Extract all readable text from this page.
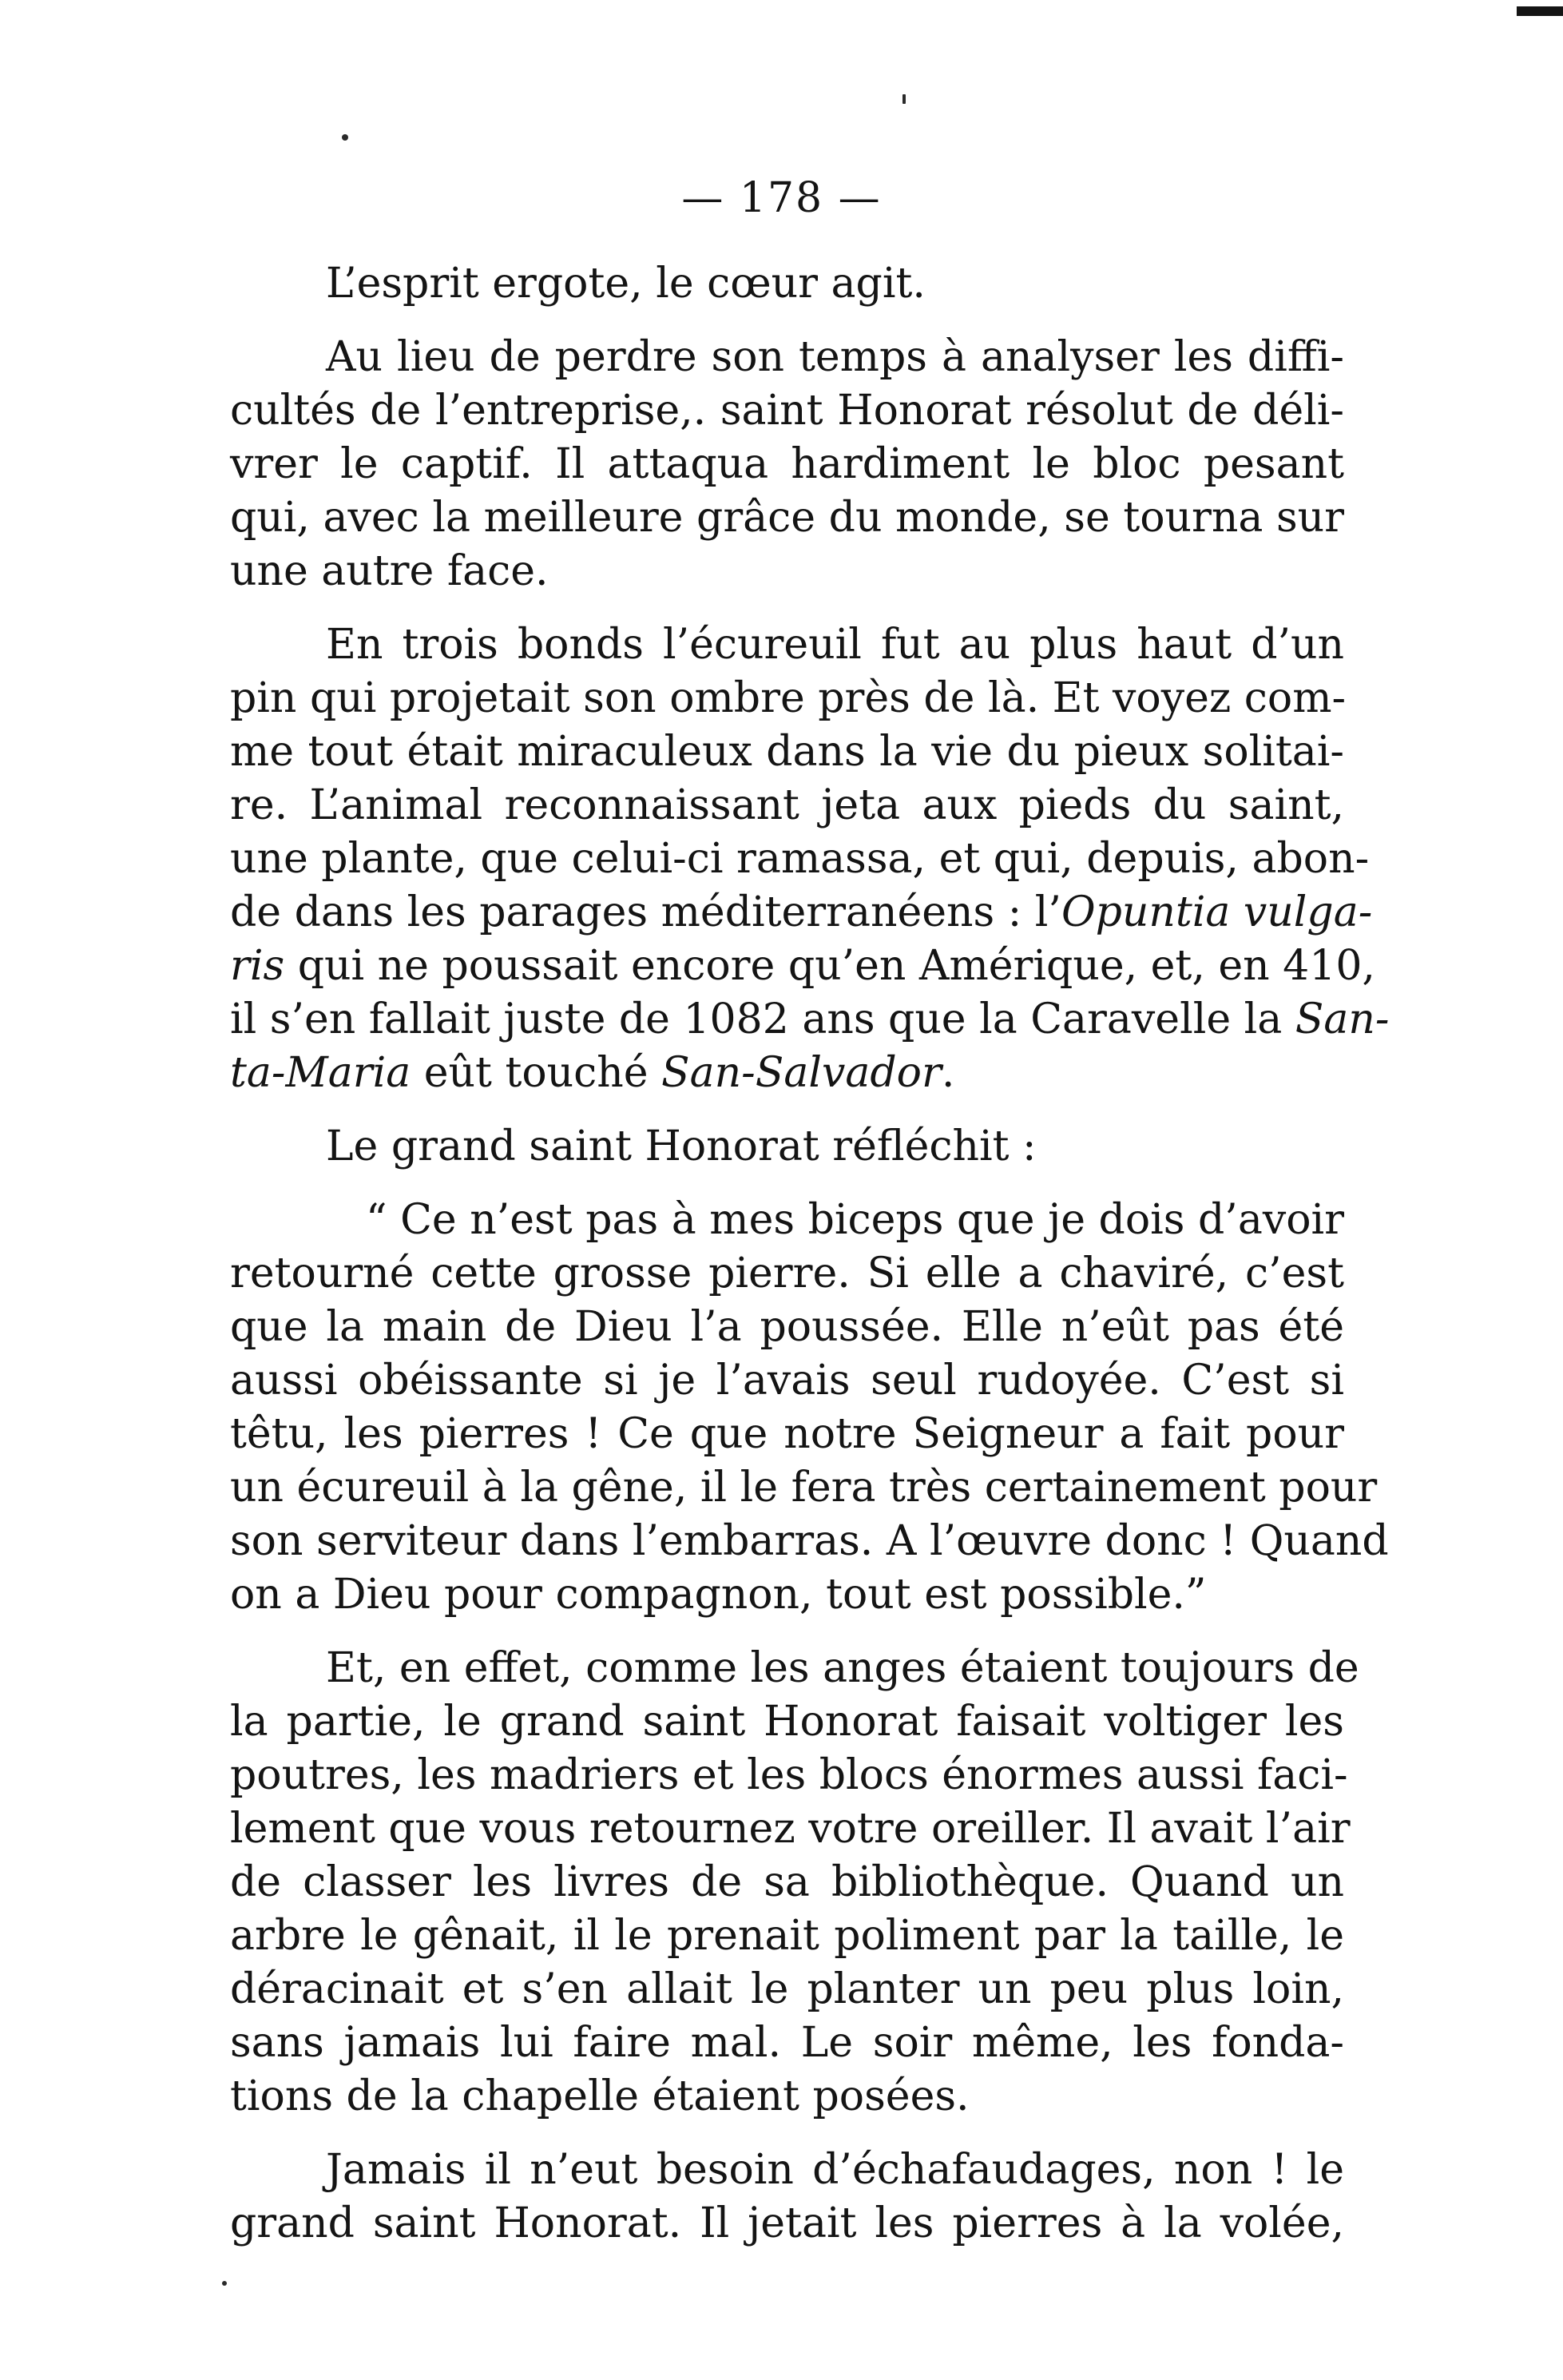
— 178 —
L’esprit ergote, le cœur agit.
Au lieu de perdre son temps à analyser les diffi-
cultés de l’entreprise,. saint Honorat résolut de déli-
vrer le captif. Il attaqua hardiment le bloc pesant
qui, avec la meilleure grâce du monde, se tourna sur
une autre face.
En trois bonds l’écureuil fut au plus haut d’un
pin qui projetait son ombre près de là. Et voyez com-
me tout était miraculeux dans la vie du pieux solitai-
re. L’animal reconnaissant jeta aux pieds du saint,
une plante, que celui-ci ramassa, et qui, depuis, abon-
de dans les parages méditerranéens : l’Opuntia vulga-
ris qui ne poussait encore qu’en Amérique, et, en 410,
il s’en fallait juste de 1082 ans que la Caravelle la San-
ta-Maria eût touché San-Salvador.
Le grand saint Honorat réfléchit :
“ Ce n’est pas à mes biceps que je dois d’avoir
retourné cette grosse pierre. Si elle a chaviré, c’est
que la main de Dieu l’a poussée. Elle n’eût pas été
aussi obéissante si je l’avais seul rudoyée. C’est si
têtu, les pierres ! Ce que notre Seigneur a fait pour
un écureuil à la gêne, il le fera très certainement pour
son serviteur dans l’embarras. A l’œuvre donc ! Quand
on a Dieu pour compagnon, tout est possible.”
Et, en effet, comme les anges étaient toujours de
la partie, le grand saint Honorat faisait voltiger les
poutres, les madriers et les blocs énormes aussi faci-
lement que vous retournez votre oreiller. Il avait l’air
de classer les livres de sa bibliothèque. Quand un
arbre le gênait, il le prenait poliment par la taille, le
déracinait et s’en allait le planter un peu plus loin,
sans jamais lui faire mal. Le soir même, les fonda-
tions de la chapelle étaient posées.
Jamais il n’eut besoin d’échafaudages, non ! le
grand saint Honorat. Il jetait les pierres à la volée,
